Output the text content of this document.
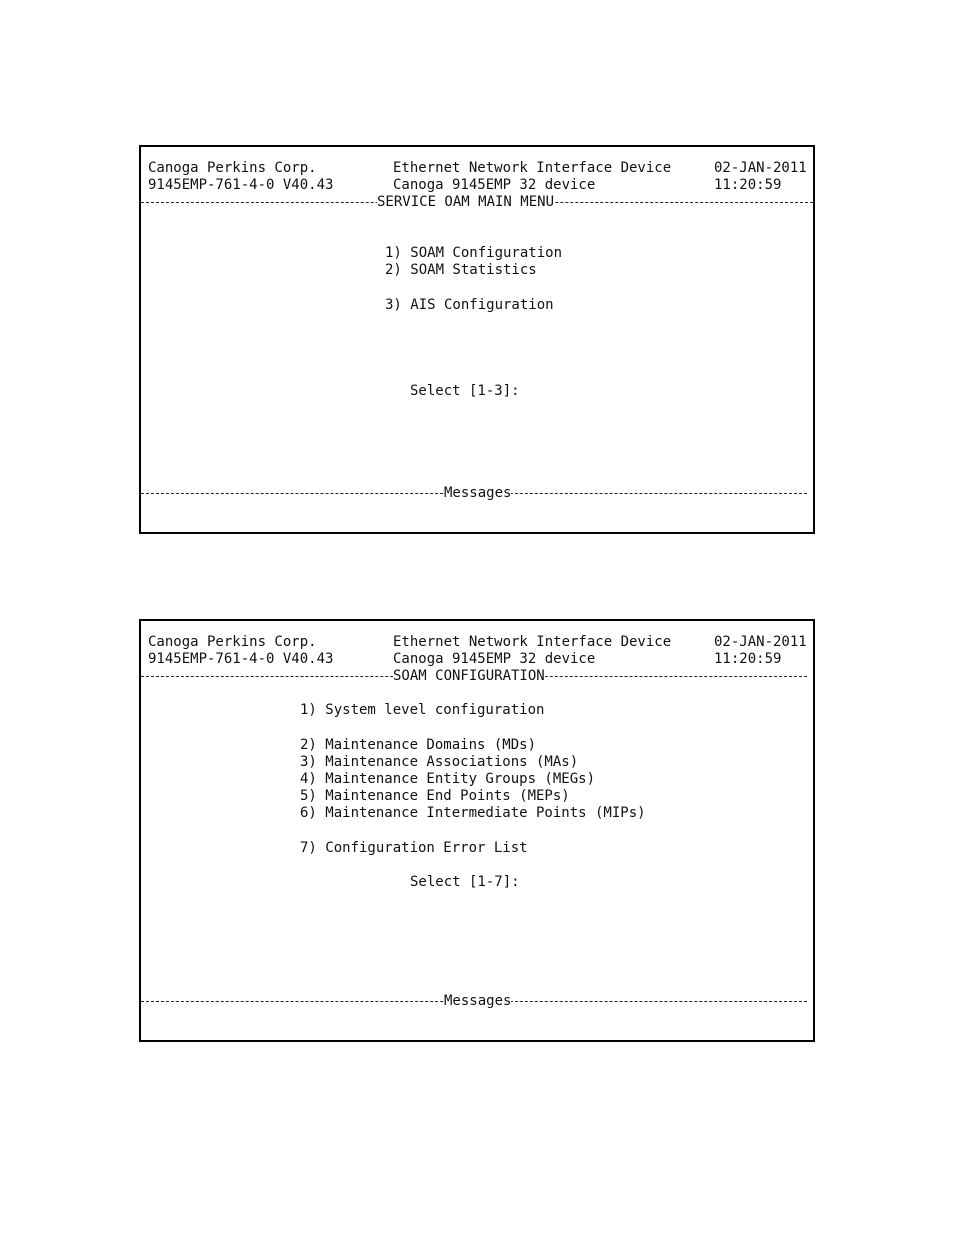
Canoga Perkins Corp.
9145EMP-761-4-0 V40.43
Ethernet Network Interface Device
Canoga 9145EMP 32 device
02-JAN-2011
11:20:59
SERVICE OAM MAIN MENU
1) SOAM Configuration
2) SOAM Statistics
3) AIS Configuration
Select [1-3]:
Messages
Canoga Perkins Corp.
9145EMP-761-4-0 V40.43
Ethernet Network Interface Device
Canoga 9145EMP 32 device
02-JAN-2011
11:20:59
SOAM CONFIGURATION
1) System level configuration
2) Maintenance Domains (MDs)
3) Maintenance Associations (MAs)
4) Maintenance Entity Groups (MEGs)
5) Maintenance End Points (MEPs)
6) Maintenance Intermediate Points (MIPs)
7) Configuration Error List
Select [1-7]:
Messages
